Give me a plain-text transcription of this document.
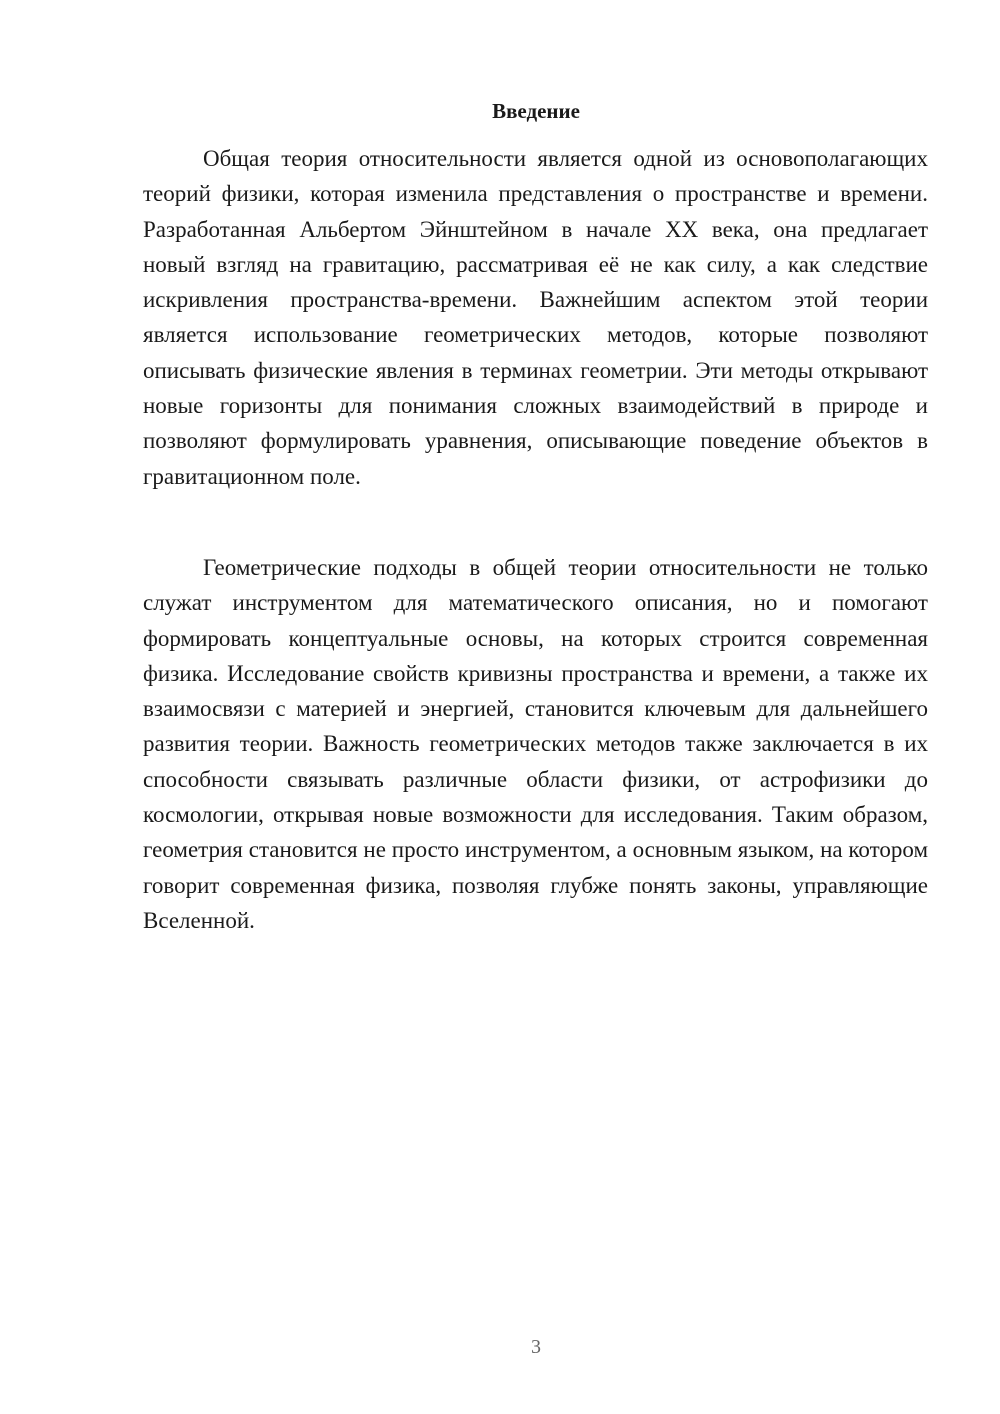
Введение

Общая теория относительности является одной из основополагающих теорий физики, которая изменила представления о пространстве и времени. Разработанная Альбертом Эйнштейном в начале XX века, она предлагает новый взгляд на гравитацию, рассматривая её не как силу, а как следствие искривления пространства-времени. Важнейшим аспектом этой теории является использование геометрических методов, которые позволяют описывать физические явления в терминах геометрии. Эти методы открывают новые горизонты для понимания сложных взаимодействий в природе и позволяют формулировать уравнения, описывающие поведение объектов в гравитационном поле.

Геометрические подходы в общей теории относительности не только служат инструментом для математического описания, но и помогают формировать концептуальные основы, на которых строится современная физика. Исследование свойств кривизны пространства и времени, а также их взаимосвязи с материей и энергией, становится ключевым для дальнейшего развития теории. Важность геометрических методов также заключается в их способности связывать различные области физики, от астрофизики до космологии, открывая новые возможности для исследования. Таким образом, геометрия становится не просто инструментом, а основным языком, на котором говорит современная физика, позволяя глубже понять законы, управляющие Вселенной.

3
